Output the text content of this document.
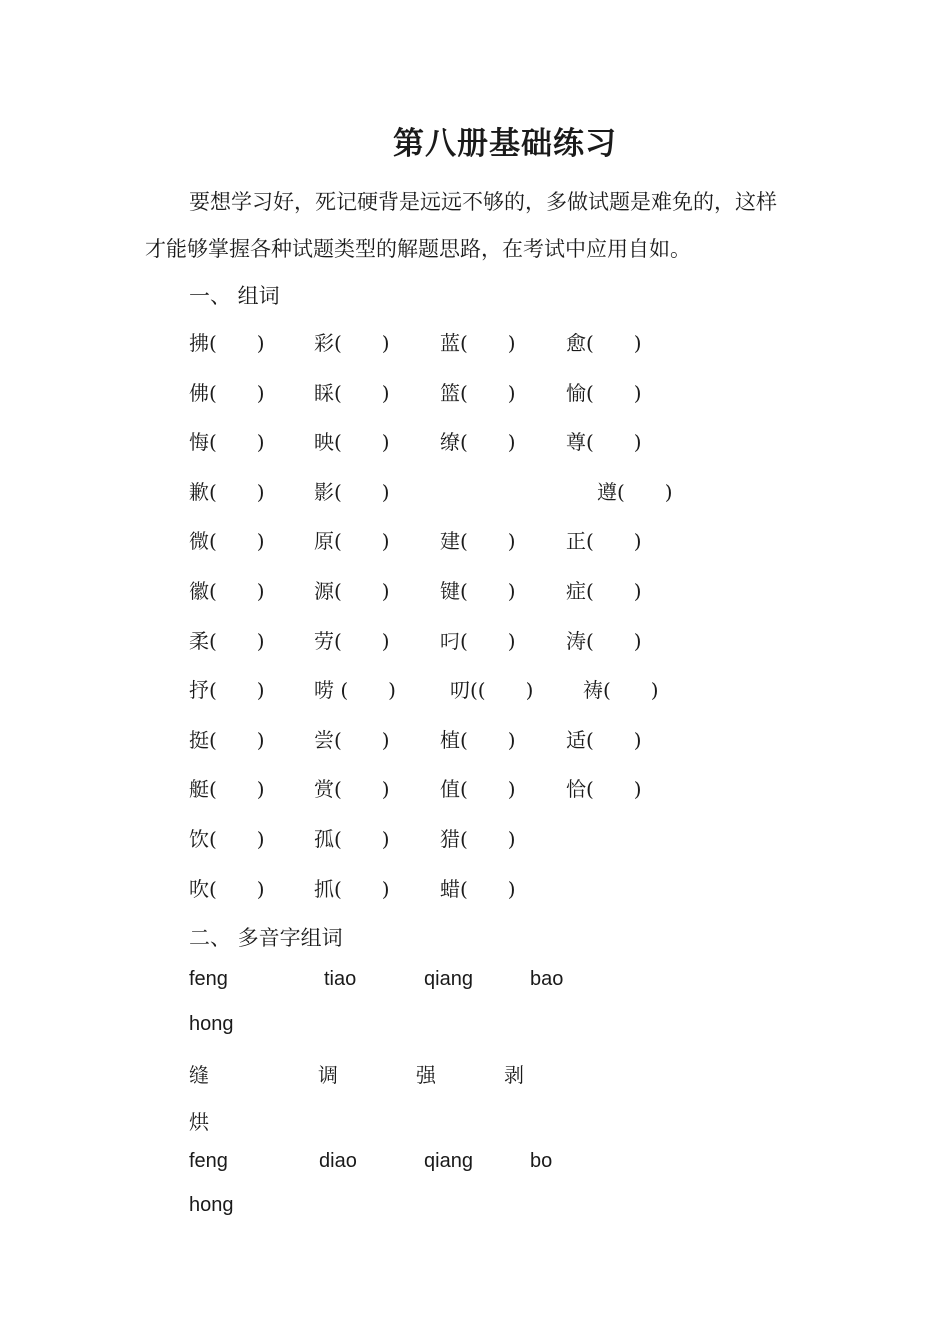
第八册基础练习
要想学习好，死记硬背是远远不够的，多做试题是难免的，这样
才能够掌握各种试题类型的解题思路，在考试中应用自如。
一、 组词
拂(　　) 彩(　　)	蓝(　　)	愈(　　)
佛(　　) 睬(　　)	篮(　　)	愉(　　)
悔(　　) 映(　　)	缭(　　)	尊(　　)
歉(　　) 影(　　)	遵(　　)
微(　　) 原(　　)	建(　　)	正(　　)
徽(　　) 源(　　)	键(　　)	症(　　)
柔(　　) 劳(　　)	叼(　　)	涛(　　)
抒(　　) 唠 (　　)	叨((　　) 祷(　　)
挺(　　) 尝(　　)	植(　　)	适(　　)
艇(　　) 赏(　　)	值(　　)	恰(　　)
饮(　　) 孤(　　)	猎(　　)
吹(　　) 抓(　　)	蜡(　　)
二、 多音字组词
feng	tiao	qiang	bao
hong
缝	调	强	剥
烘
feng	diao	qiang	bo
hong
